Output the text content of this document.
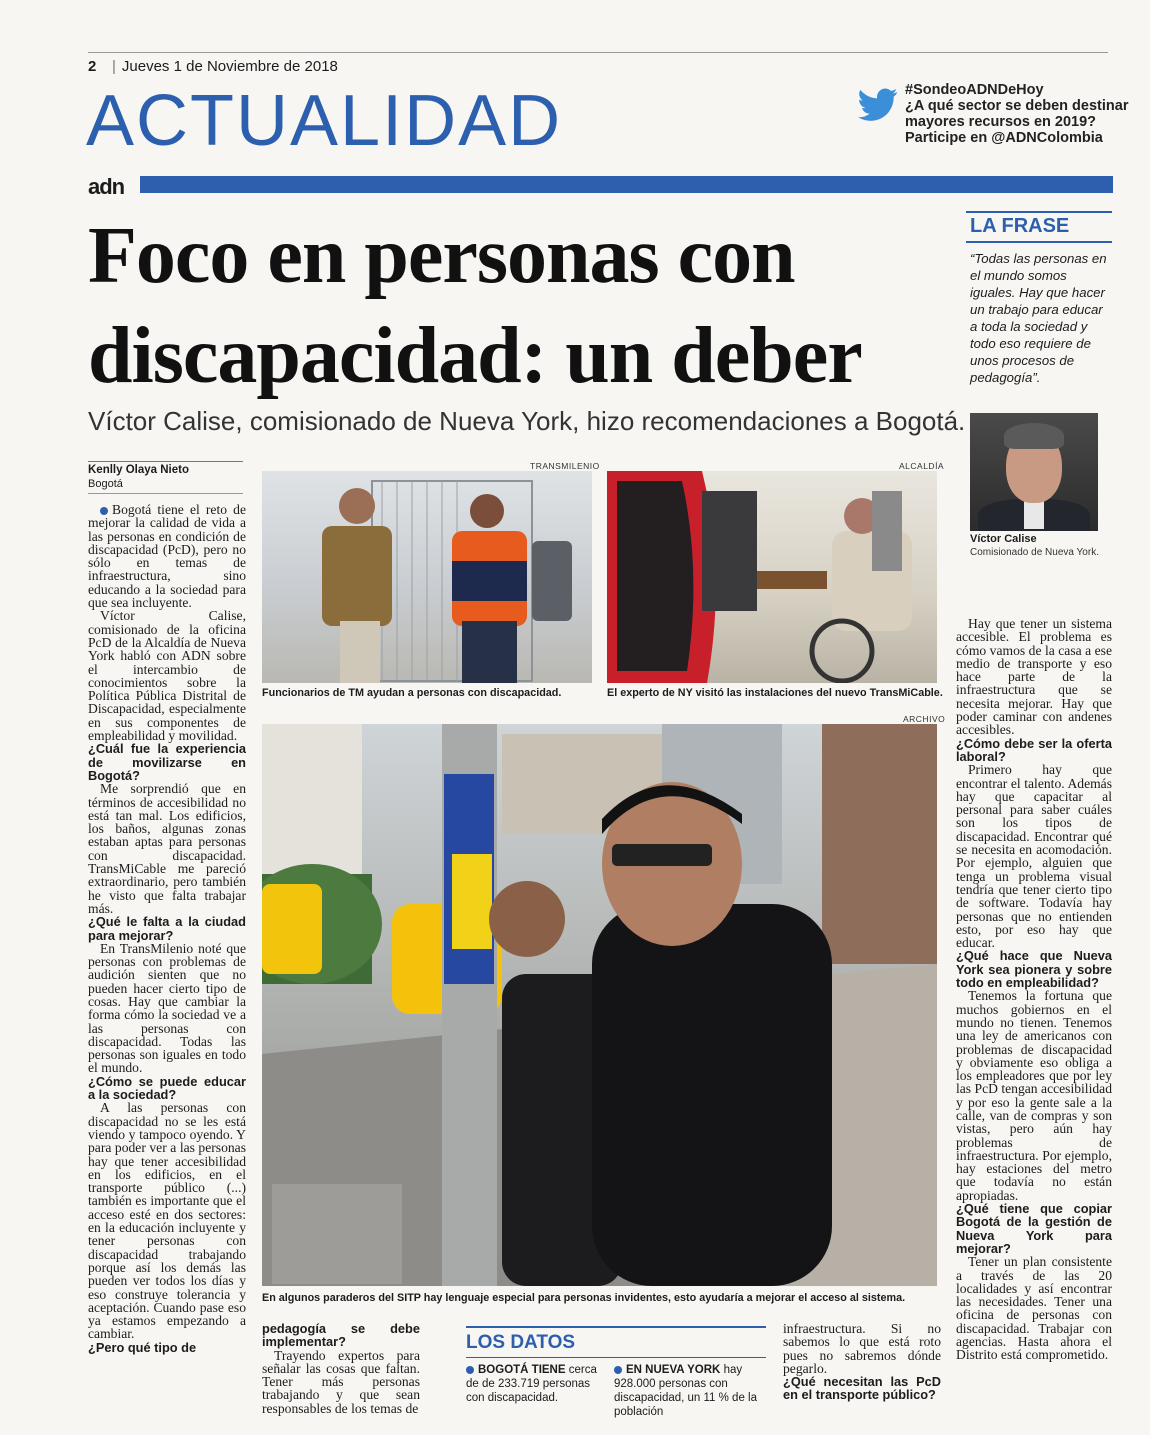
2
|	Jueves 1 de Noviembre de 2018
ACTUALIDAD	#SondeoADNDeHoy
¿A qué sector se deben destinar
mayores recursos en 2019?
Participe en @ADNColombia
adn
Foco en personas con
discapacidad: un deber
Víctor Calise, comisionado de Nueva York, hizo recomendaciones a Bogotá.
LA FRASE
“Todas las personas en el mundo somos iguales. Hay que hacer un trabajo para educar a toda la sociedad y todo eso requiere de unos procesos de pedagogía”.
Víctor Calise
Comisionado de Nueva York.
Kenlly Olaya Nieto
Bogotá

Bogotá tiene el reto de mejorar la calidad de vida a las personas en condición de discapacidad (PcD), pero no sólo en temas de infraestructura, sino educando a la sociedad para que sea incluyente.

Víctor Calise, comisionado de la oficina PcD de la Alcaldía de Nueva York habló con ADN sobre el intercambio de conocimientos sobre la Política Pública Distrital de Discapacidad, especialmente en sus componentes de empleabilidad y movilidad.

¿Cuál fue la experiencia de movilizarse en Bogotá?

Me sorprendió que en términos de accesibilidad no está tan mal. Los edificios, los baños, algunas zonas estaban aptas para personas con discapacidad. TransMiCable me pareció extraordinario, pero también he visto que falta trabajar más.

¿Qué le falta a la ciudad para mejorar?

En TransMilenio noté que personas con problemas de audición sienten que no pueden hacer cierto tipo de cosas. Hay que cambiar la forma cómo la sociedad ve a las personas con discapacidad. Todas las personas son iguales en todo el mundo.

¿Cómo se puede educar a la sociedad?

A las personas con discapacidad no se les está viendo y tampoco oyendo. Y para poder ver a las personas hay que tener accesibilidad en los edificios, en el transporte público (...) también es importante que el acceso esté en dos sectores: en la educación incluyente y tener personas con discapacidad trabajando porque así los demás las pueden ver todos los días y eso construye tolerancia y aceptación. Cuando pase eso ya estamos empezando a cambiar.

¿Pero qué tipo de

TRANSMILENIO
Funcionarios de TM ayudan a personas con discapacidad.
ALCALDÍA
El experto de NY visitó las instalaciones del nuevo TransMiCable.
ARCHIVO
En algunos paraderos del SITP hay lenguaje especial para personas invidentes, esto ayudaría a mejorar el acceso al sistema.

pedagogía se debe implementar?

Trayendo expertos para señalar las cosas que faltan. Tener más personas trabajando y que sean responsables de los temas de

LOS DATOS
BOGOTÁ TIENE cerca de de 233.719 personas con discapacidad.
EN NUEVA YORK hay 928.000 personas con discapacidad, un 11 % de la población

infraestructura. Si no sabemos lo que está roto pues no sabremos dónde pegarlo.

¿Qué necesitan las PcD en el transporte público?

Hay que tener un sistema accesible. El problema es cómo vamos de la casa a ese medio de transporte y eso hace parte de la infraestructura que se necesita mejorar. Hay que poder caminar con andenes accesibles.

¿Cómo debe ser la oferta laboral?

Primero hay que encontrar el talento. Además hay que capacitar al personal para saber cuáles son los tipos de discapacidad. Encontrar qué se necesita en acomodación. Por ejemplo, alguien que tenga un problema visual tendría que tener cierto tipo de software. Todavía hay personas que no entienden esto, por eso hay que educar.

¿Qué hace que Nueva York sea pionera y sobre todo en empleabilidad?

Tenemos la fortuna que muchos gobiernos en el mundo no tienen. Tenemos una ley de americanos con problemas de discapacidad y obviamente eso obliga a los empleadores que por ley las PcD tengan accesibilidad y por eso la gente sale a la calle, van de compras y son vistas, pero aún hay problemas de infraestructura. Por ejemplo, hay estaciones del metro que todavía no están apropiadas.

¿Qué tiene que copiar Bogotá de la gestión de Nueva York para mejorar?

Tener un plan consistente a través de las 20 localidades y así encontrar las necesidades. Tener una oficina de personas con discapacidad. Trabajar con agencias. Hasta ahora el Distrito está comprometido.
